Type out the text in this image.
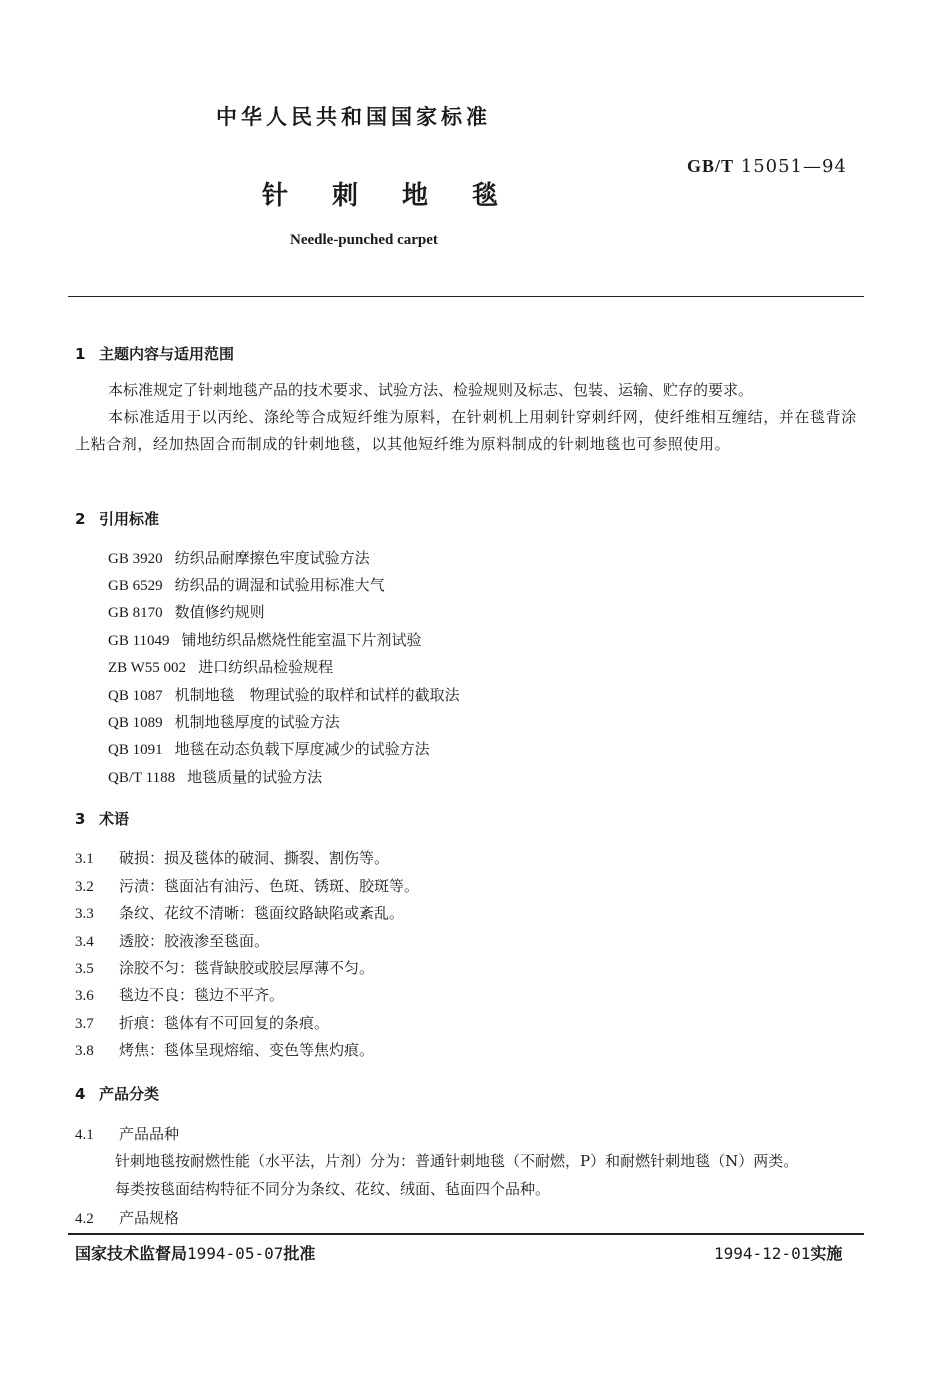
中华人民共和国国家标准
GB/T 15051—94
针刺地毯
Needle-punched carpet
1 主题内容与适用范围
本标准规定了针刺地毯产品的技术要求、试验方法、检验规则及标志、包装、运输、贮存的要求。
本标准适用于以丙纶、涤纶等合成短纤维为原料，在针刺机上用刺针穿刺纤网，使纤维相互缠结，并在毯背涂上粘合剂，经加热固合而制成的针刺地毯，以其他短纤维为原料制成的针刺地毯也可参照使用。
2 引用标准
GB 3920 纺织品耐摩擦色牢度试验方法
GB 6529 纺织品的调湿和试验用标准大气
GB 8170 数值修约规则
GB 11049 铺地纺织品燃烧性能室温下片剂试验
ZB W55 002 进口纺织品检验规程
QB 1087 机制地毯　物理试验的取样和试样的截取法
QB 1089 机制地毯厚度的试验方法
QB 1091 地毯在动态负载下厚度减少的试验方法
QB/T 1188 地毯质量的试验方法
3 术语
3.1 破损：损及毯体的破洞、撕裂、割伤等。
3.2 污渍：毯面沾有油污、色斑、锈斑、胶斑等。
3.3 条纹、花纹不清晰：毯面纹路缺陷或紊乱。
3.4 透胶：胶液渗至毯面。
3.5 涂胶不匀：毯背缺胶或胶层厚薄不匀。
3.6 毯边不良：毯边不平齐。
3.7 折痕：毯体有不可回复的条痕。
3.8 烤焦：毯体呈现熔缩、变色等焦灼痕。
4 产品分类
4.1 产品品种
针刺地毯按耐燃性能（水平法，片剂）分为：普通针刺地毯（不耐燃，P）和耐燃针刺地毯（N）两类。
每类按毯面结构特征不同分为条纹、花纹、绒面、毡面四个品种。
4.2 产品规格
国家技术监督局1994-05-07批准	1994-12-01实施
